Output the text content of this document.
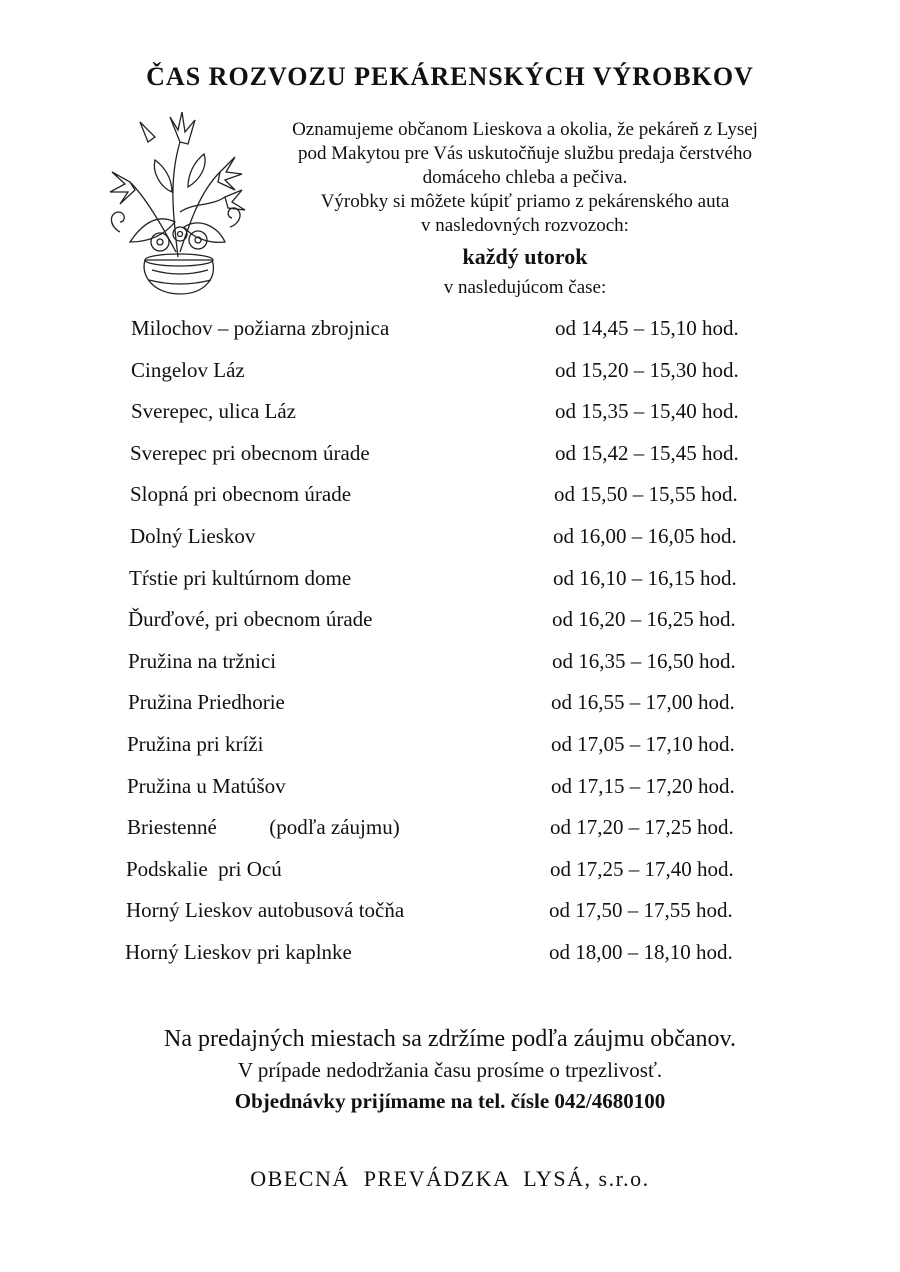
ČAS ROZVOZU PEKÁRENSKÝCH VÝROBKOV
Oznamujeme občanom Lieskova a okolia, že pekáreň z Lysej
pod Makytou pre Vás uskutočňuje službu predaja čerstvého
domáceho chleba a pečiva.
Výrobky si môžete kúpiť priamo z pekárenského auta
v nasledovných rozvozoch:
každý utorok
v nasledujúcom čase:
Milochov – požiarna zbrojnica	od 14,45 – 15,10 hod.
Cingelov Láz	od 15,20 – 15,30 hod.
Sverepec, ulica Láz	od 15,35 – 15,40 hod.
Sverepec pri obecnom úrade	od 15,42 – 15,45 hod.
Slopná pri obecnom úrade	od 15,50 – 15,55 hod.
Dolný Lieskov	od 16,00 – 16,05 hod.
Tŕstie pri kultúrnom dome	od 16,10 – 16,15 hod.
Ďurďové, pri obecnom úrade	od 16,20 – 16,25 hod.
Pružina na tržnici	od 16,35 – 16,50 hod.
Pružina Priedhorie	od 16,55 – 17,00 hod.
Pružina pri kríži	od 17,05 – 17,10 hod.
Pružina u Matúšov	od 17,15 – 17,20 hod.
Briestenné          (podľa záujmu)	od 17,20 – 17,25 hod.
Podskalie  pri Ocú	od 17,25 – 17,40 hod.
Horný Lieskov autobusová točňa	od 17,50 – 17,55 hod.
Horný Lieskov pri kaplnke	od 18,00 – 18,10 hod.
Na predajných miestach sa zdržíme podľa záujmu občanov.
V prípade nedodržania času prosíme o trpezlivosť.
Objednávky prijímame na tel. čísle 042/4680100
OBECNÁ  PREVÁDZKA  LYSÁ, s.r.o.
